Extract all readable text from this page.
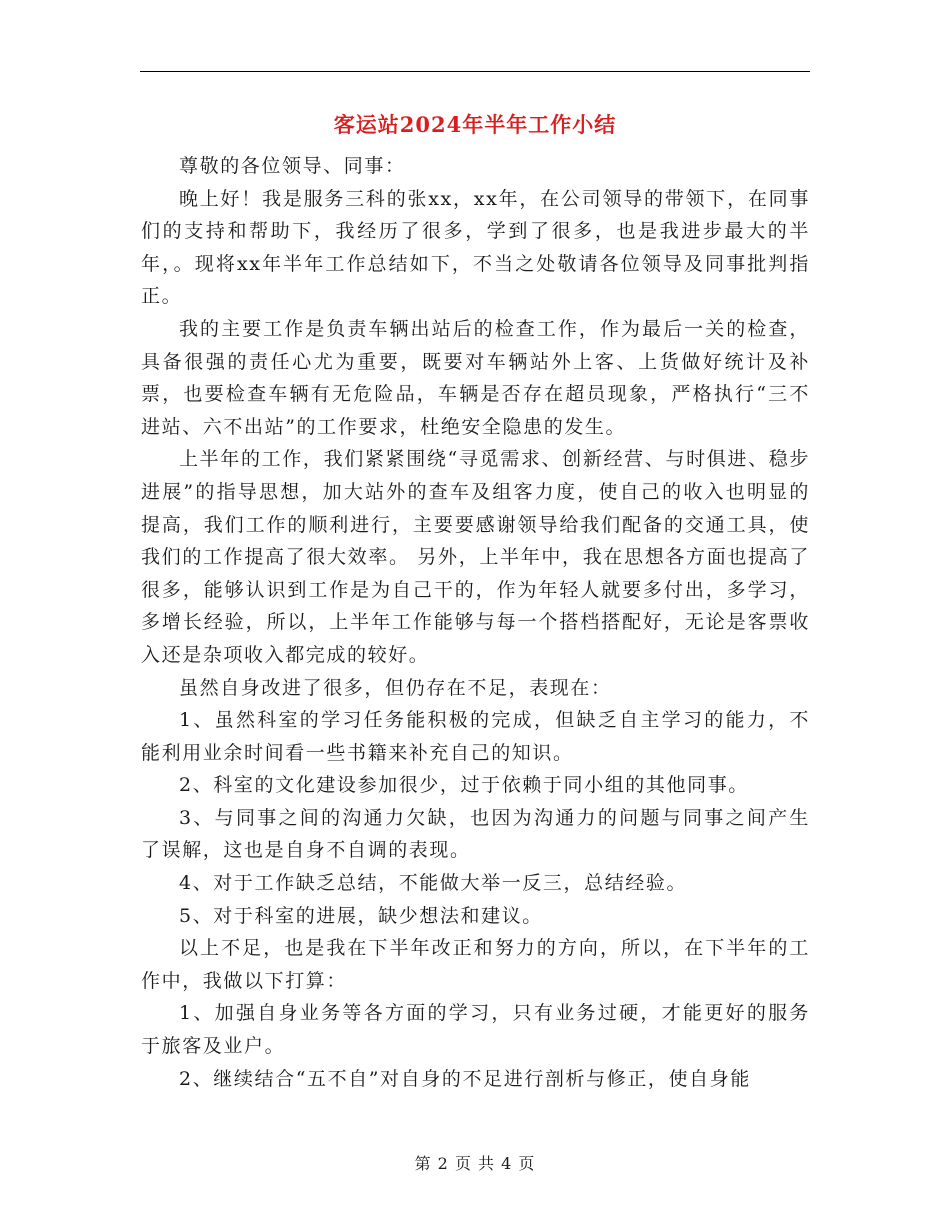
客运站2024年半年工作小结

尊敬的各位领导、同事：

晚上好！我是服务三科的张xx，xx年，在公司领导的带领下，在同事们的支持和帮助下，我经历了很多，学到了很多，也是我进步最大的半年，。现将xx年半年工作总结如下，不当之处敬请各位领导及同事批判指正。

我的主要工作是负责车辆出站后的检查工作，作为最后一关的检查，具备很强的责任心尤为重要，既要对车辆站外上客、上货做好统计及补票，也要检查车辆有无危险品，车辆是否存在超员现象，严格执行“三不进站、六不出站”的工作要求，杜绝安全隐患的发生。

上半年的工作，我们紧紧围绕“寻觅需求、创新经营、与时俱进、稳步进展”的指导思想，加大站外的查车及组客力度，使自己的收入也明显的提高，我们工作的顺利进行，主要要感谢领导给我们配备的交通工具，使我们的工作提高了很大效率。 另外，上半年中，我在思想各方面也提高了很多，能够认识到工作是为自己干的，作为年轻人就要多付出，多学习，多增长经验，所以，上半年工作能够与每一个搭档搭配好，无论是客票收入还是杂项收入都完成的较好。

虽然自身改进了很多，但仍存在不足，表现在：

1、虽然科室的学习任务能积极的完成，但缺乏自主学习的能力，不能利用业余时间看一些书籍来补充自己的知识。

2、科室的文化建设参加很少，过于依赖于同小组的其他同事。

3、与同事之间的沟通力欠缺，也因为沟通力的问题与同事之间产生了误解，这也是自身不自调的表现。

4、对于工作缺乏总结，不能做大举一反三，总结经验。

5、对于科室的进展，缺少想法和建议。

以上不足，也是我在下半年改正和努力的方向，所以，在下半年的工作中，我做以下打算：

1、加强自身业务等各方面的学习，只有业务过硬，才能更好的服务于旅客及业户。

2、继续结合“五不自”对自身的不足进行剖析与修正，使自身能

第 2 页 共 4 页
